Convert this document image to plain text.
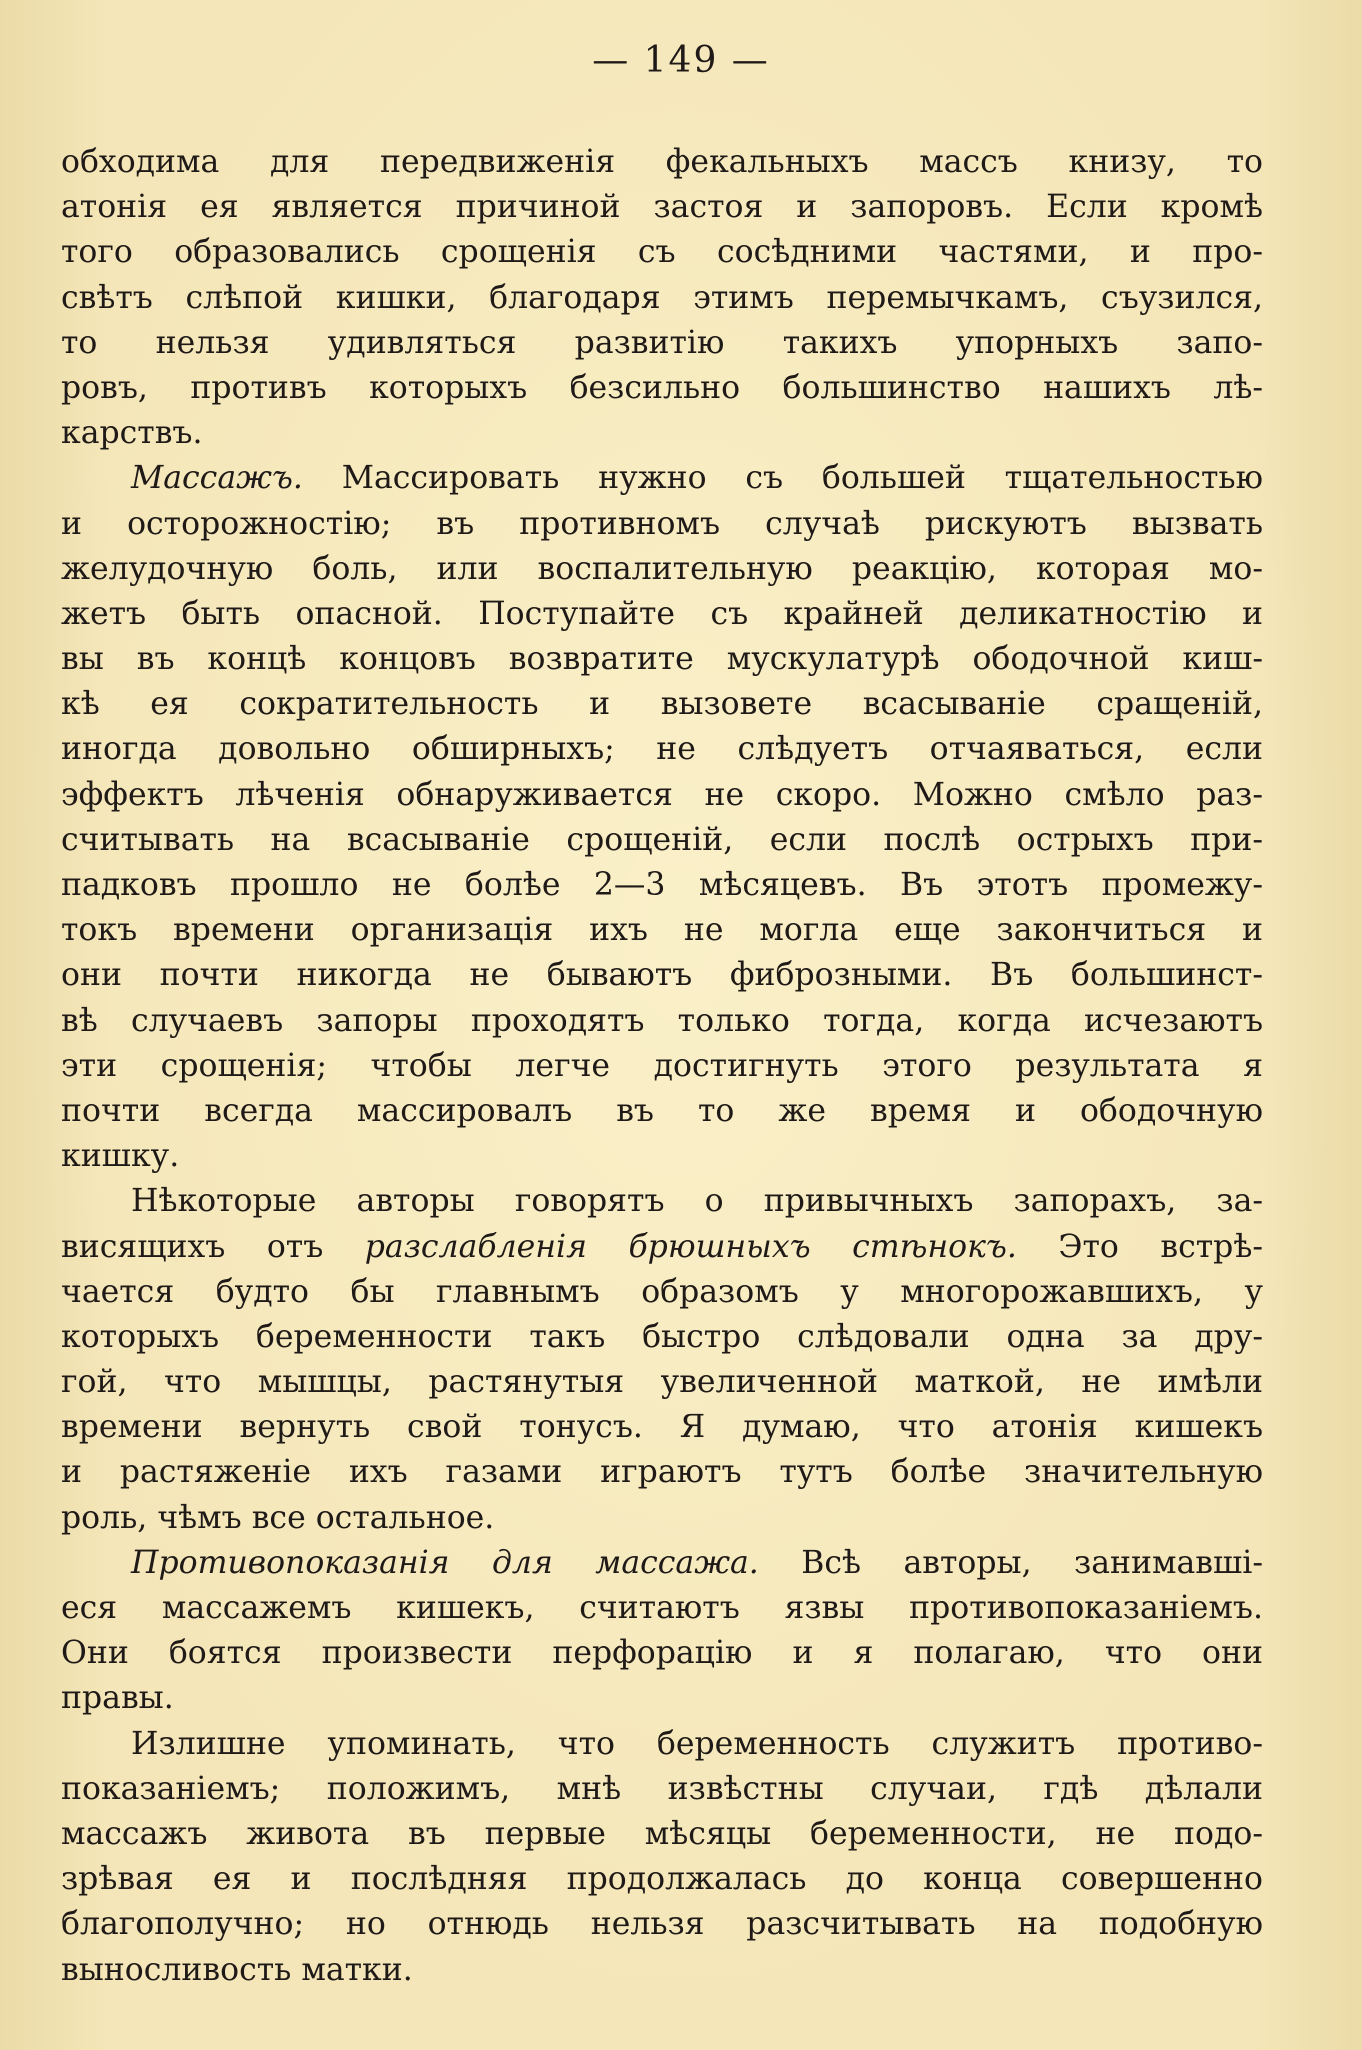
— 149 —
обходима для передвиженія фекальныхъ массъ книзу, то
атонія ея является причиной застоя и запоровъ. Если кромѣ
того образовались срощенія съ сосѣдними частями, и про-
свѣтъ слѣпой кишки, благодаря этимъ перемычкамъ, съузился,
то нельзя удивляться развитію такихъ упорныхъ запо-
ровъ, противъ которыхъ безсильно большинство нашихъ лѣ-
карствъ.
Массажъ. Массировать нужно съ большей тщательностью
и осторожностію; въ противномъ случаѣ рискуютъ вызвать
желудочную боль, или воспалительную реакцію, которая мо-
жетъ быть опасной. Поступайте съ крайней деликатностію и
вы въ концѣ концовъ возвратите мускулатурѣ ободочной киш-
кѣ ея сократительность и вызовете всасываніе сращеній,
иногда довольно обширныхъ; не слѣдуетъ отчаяваться, если
эффектъ лѣченія обнаруживается не скоро. Можно смѣло раз-
считывать на всасываніе срощеній, если послѣ острыхъ при-
падковъ прошло не болѣе 2—3 мѣсяцевъ. Въ этотъ промежу-
токъ времени организація ихъ не могла еще закончиться и
они почти никогда не бываютъ фиброзными. Въ большинст-
вѣ случаевъ запоры проходятъ только тогда, когда исчезаютъ
эти срощенія; чтобы легче достигнуть этого результата я
почти всегда массировалъ въ то же время и ободочную
кишку.
Нѣкоторые авторы говорятъ о привычныхъ запорахъ, за-
висящихъ отъ разслабленія брюшныхъ стѣнокъ. Это встрѣ-
чается будто бы главнымъ образомъ у многорожавшихъ, у
которыхъ беременности такъ быстро слѣдовали одна за дру-
гой, что мышцы, растянутыя увеличенной маткой, не имѣли
времени вернуть свой тонусъ. Я думаю, что атонія кишекъ
и растяженіе ихъ газами играютъ тутъ болѣе значительную
роль, чѣмъ все остальное.
Противопоказанія для массажа. Всѣ авторы, занимавші-
еся массажемъ кишекъ, считаютъ язвы противопоказаніемъ.
Они боятся произвести перфорацію и я полагаю, что они
правы.
Излишне упоминать, что беременность служитъ противо-
показаніемъ; положимъ, мнѣ извѣстны случаи, гдѣ дѣлали
массажъ живота въ первые мѣсяцы беременности, не подо-
зрѣвая ея и послѣдняя продолжалась до конца совершенно
благополучно; но отнюдь нельзя разсчитывать на подобную
выносливость матки.
